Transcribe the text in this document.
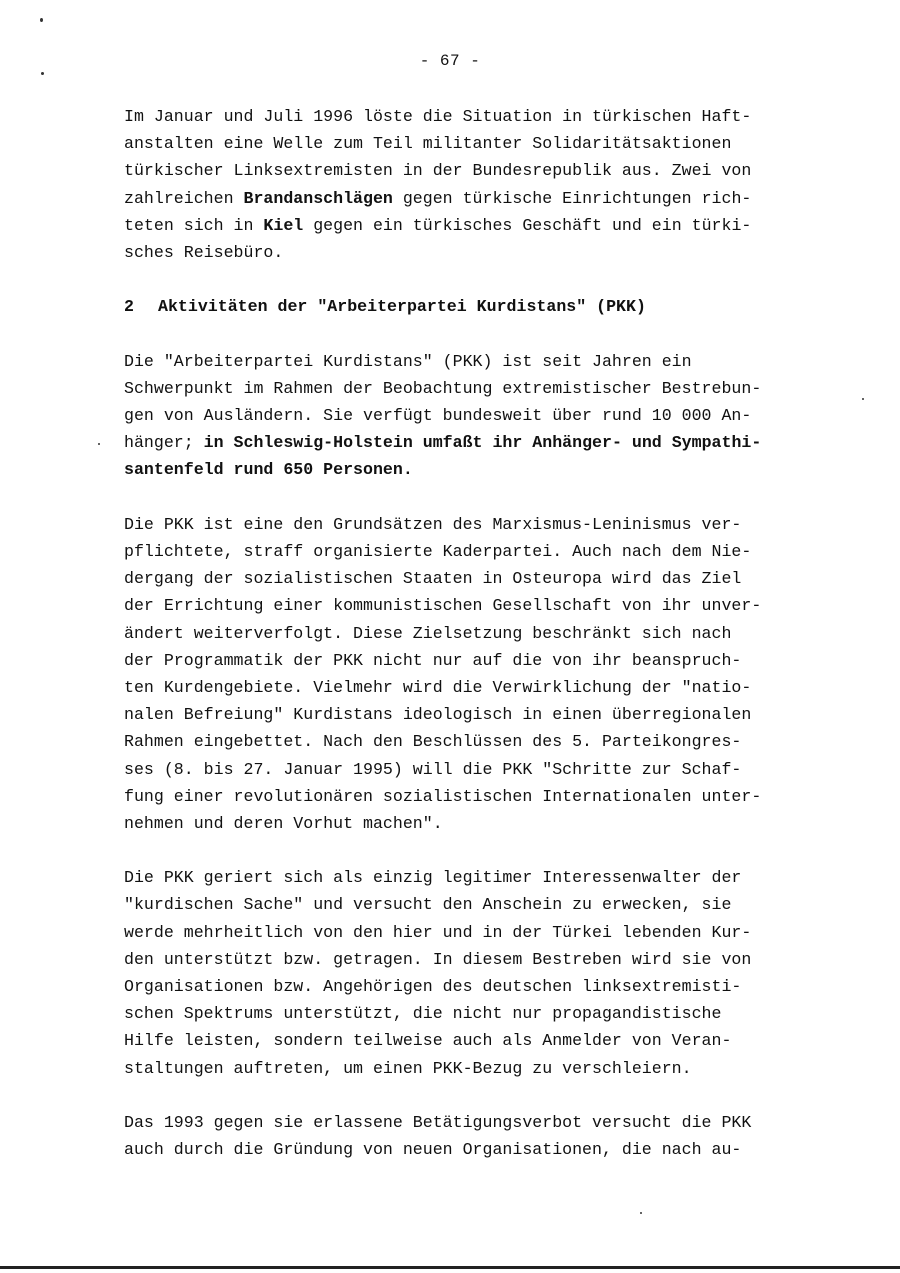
- 67 -
Im Januar und Juli 1996 löste die Situation in türkischen Haft-
anstalten eine Welle zum Teil militanter Solidaritätsaktionen
türkischer Linksextremisten in der Bundesrepublik aus. Zwei von
zahlreichen Brandanschlägen gegen türkische Einrichtungen rich-
teten sich in Kiel gegen ein türkisches Geschäft und ein türki-
sches Reisebüro.
2 Aktivitäten der "Arbeiterpartei Kurdistans" (PKK)
Die "Arbeiterpartei Kurdistans" (PKK) ist seit Jahren ein
Schwerpunkt im Rahmen der Beobachtung extremistischer Bestrebun-
gen von Ausländern. Sie verfügt bundesweit über rund 10 000 An-
hänger; in Schleswig-Holstein umfaßt ihr Anhänger- und Sympathi-
santenfeld rund 650 Personen.
Die PKK ist eine den Grundsätzen des Marxismus-Leninismus ver-
pflichtete, straff organisierte Kaderpartei. Auch nach dem Nie-
dergang der sozialistischen Staaten in Osteuropa wird das Ziel
der Errichtung einer kommunistischen Gesellschaft von ihr unver-
ändert weiterverfolgt. Diese Zielsetzung beschränkt sich nach
der Programmatik der PKK nicht nur auf die von ihr beanspruch-
ten Kurdengebiete. Vielmehr wird die Verwirklichung der "natio-
nalen Befreiung" Kurdistans ideologisch in einen überregionalen
Rahmen eingebettet. Nach den Beschlüssen des 5. Parteikongres-
ses (8. bis 27. Januar 1995) will die PKK "Schritte zur Schaf-
fung einer revolutionären sozialistischen Internationalen unter-
nehmen und deren Vorhut machen".
Die PKK geriert sich als einzig legitimer Interessenwalter der
"kurdischen Sache" und versucht den Anschein zu erwecken, sie
werde mehrheitlich von den hier und in der Türkei lebenden Kur-
den unterstützt bzw. getragen. In diesem Bestreben wird sie von
Organisationen bzw. Angehörigen des deutschen linksextremisti-
schen Spektrums unterstützt, die nicht nur propagandistische
Hilfe leisten, sondern teilweise auch als Anmelder von Veran-
staltungen auftreten, um einen PKK-Bezug zu verschleiern.
Das 1993 gegen sie erlassene Betätigungsverbot versucht die PKK
auch durch die Gründung von neuen Organisationen, die nach au-
